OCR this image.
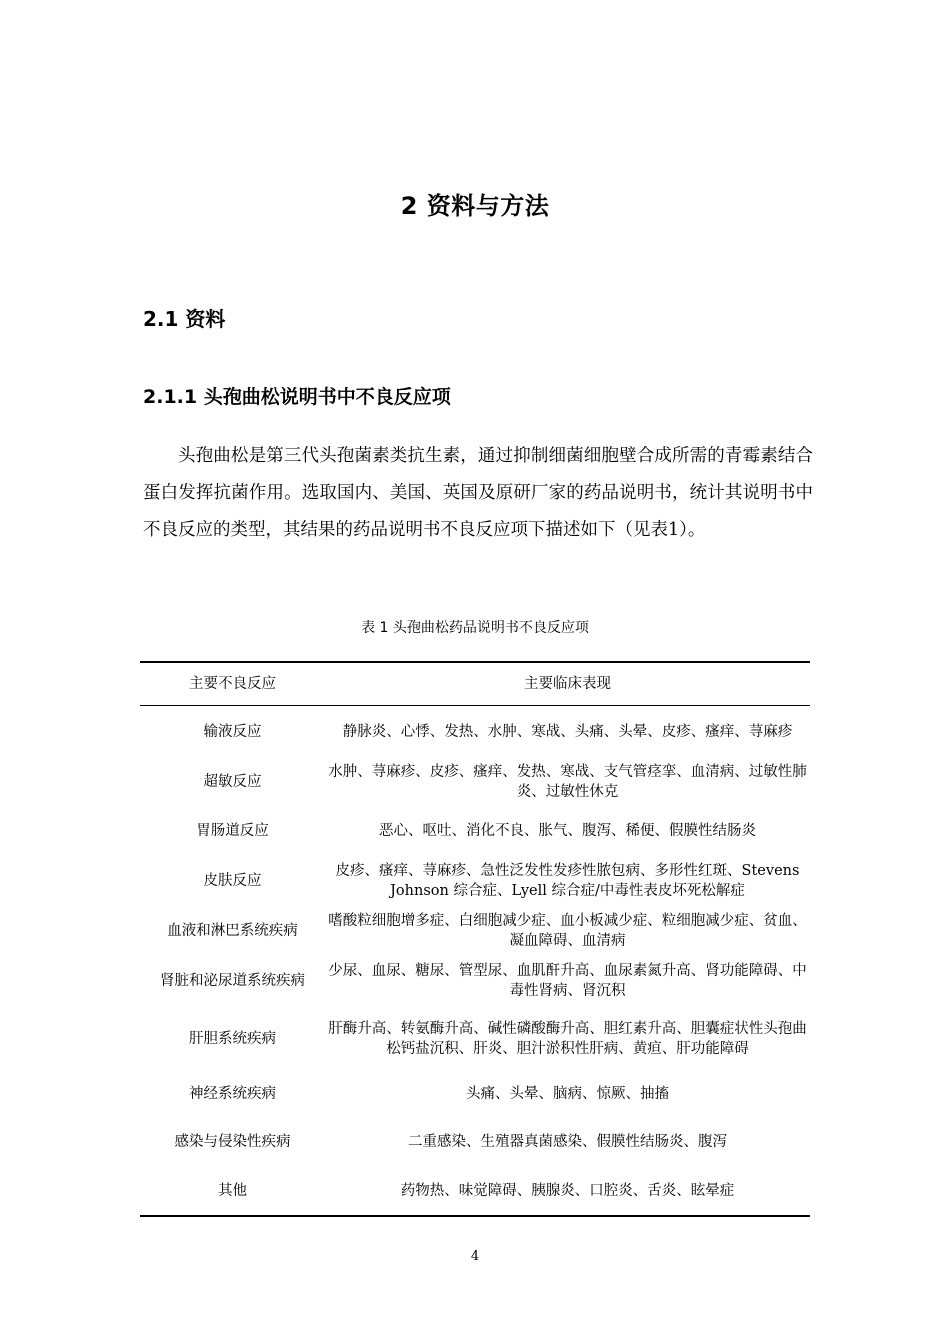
2 资料与方法
2.1 资料
2.1.1 头孢曲松说明书中不良反应项

头孢曲松是第三代头孢菌素类抗生素，通过抑制细菌细胞壁合成所需的青霉素结合蛋白发挥抗菌作用。选取国内、美国、英国及原研厂家的药品说明书，统计其说明书中不良反应的类型，其结果的药品说明书不良反应项下描述如下（见表1）。

表 1 头孢曲松药品说明书不良反应项
主要不良反应	主要临床表现
输液反应	静脉炎、心悸、发热、水肿、寒战、头痛、头晕、皮疹、瘙痒、荨麻疹
超敏反应	水肿、荨麻疹、皮疹、瘙痒、发热、寒战、支气管痉挛、血清病、过敏性肺炎、过敏性休克
胃肠道反应	恶心、呕吐、消化不良、胀气、腹泻、稀便、假膜性结肠炎
皮肤反应	皮疹、瘙痒、荨麻疹、急性泛发性发疹性脓包病、多形性红斑、Stevens Johnson 综合症、Lyell 综合症/中毒性表皮坏死松解症
血液和淋巴系统疾病	嗜酸粒细胞增多症、白细胞减少症、血小板减少症、粒细胞减少症、贫血、凝血障碍、血清病
肾脏和泌尿道系统疾病	少尿、血尿、糖尿、管型尿、血肌酐升高、血尿素氮升高、肾功能障碍、中毒性肾病、肾沉积
肝胆系统疾病	肝酶升高、转氨酶升高、碱性磷酸酶升高、胆红素升高、胆囊症状性头孢曲松钙盐沉积、肝炎、胆汁淤积性肝病、黄疸、肝功能障碍
神经系统疾病	头痛、头晕、脑病、惊厥、抽搐
感染与侵染性疾病	二重感染、生殖器真菌感染、假膜性结肠炎、腹泻
其他	药物热、味觉障碍、胰腺炎、口腔炎、舌炎、眩晕症
4
